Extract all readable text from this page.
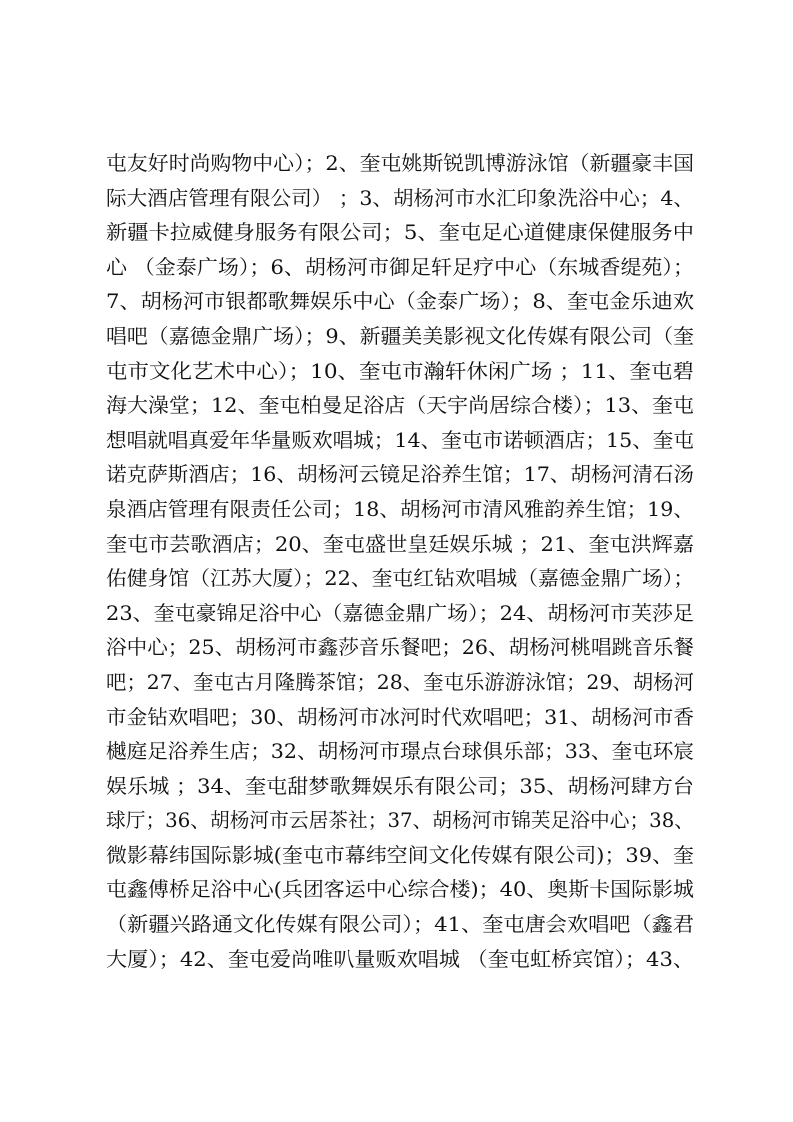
屯友好时尚购物中心）；2、奎屯姚斯锐凯博游泳馆（新疆豪丰国
际大酒店管理有限公司） ；3、胡杨河市水汇印象洗浴中心；4、
新疆卡拉威健身服务有限公司；5、奎屯足心道健康保健服务中
心 （金泰广场）；6、胡杨河市御足轩足疗中心（东城香缇苑）；
7、胡杨河市银都歌舞娱乐中心（金泰广场）；8、奎屯金乐迪欢
唱吧（嘉德金鼎广场）；9、新疆美美影视文化传媒有限公司（奎
屯市文化艺术中心）；10、奎屯市瀚轩休闲广场 ；11、奎屯碧
海大澡堂；12、奎屯柏曼足浴店（天宇尚居综合楼）；13、奎屯
想唱就唱真爱年华量贩欢唱城；14、奎屯市诺顿酒店；15、奎屯
诺克萨斯酒店；16、胡杨河云镜足浴养生馆；17、胡杨河清石汤
泉酒店管理有限责任公司；18、胡杨河市清风雅韵养生馆；19、
奎屯市芸歌酒店；20、奎屯盛世皇廷娱乐城 ；21、奎屯洪辉嘉
佑健身馆（江苏大厦）；22、奎屯红钻欢唱城（嘉德金鼎广场）；
23、奎屯豪锦足浴中心（嘉德金鼎广场）；24、胡杨河市芙莎足
浴中心；25、胡杨河市鑫莎音乐餐吧；26、胡杨河桃唱跳音乐餐
吧；27、奎屯古月隆腾茶馆；28、奎屯乐游游泳馆；29、胡杨河
市金钻欢唱吧；30、胡杨河市冰河时代欢唱吧；31、胡杨河市香
樾庭足浴养生店；32、胡杨河市璟点台球俱乐部；33、奎屯环宸
娱乐城 ；34、奎屯甜梦歌舞娱乐有限公司；35、胡杨河肆方台
球厅；36、胡杨河市云居茶社；37、胡杨河市锦芙足浴中心；38、
微影幕纬国际影城(奎屯市幕纬空间文化传媒有限公司)；39、奎
屯鑫傅桥足浴中心(兵团客运中心综合楼)；40、奥斯卡国际影城
（新疆兴路通文化传媒有限公司）；41、奎屯唐会欢唱吧（鑫君
大厦）；42、奎屯爱尚唯叭量贩欢唱城 （奎屯虹桥宾馆）；43、
